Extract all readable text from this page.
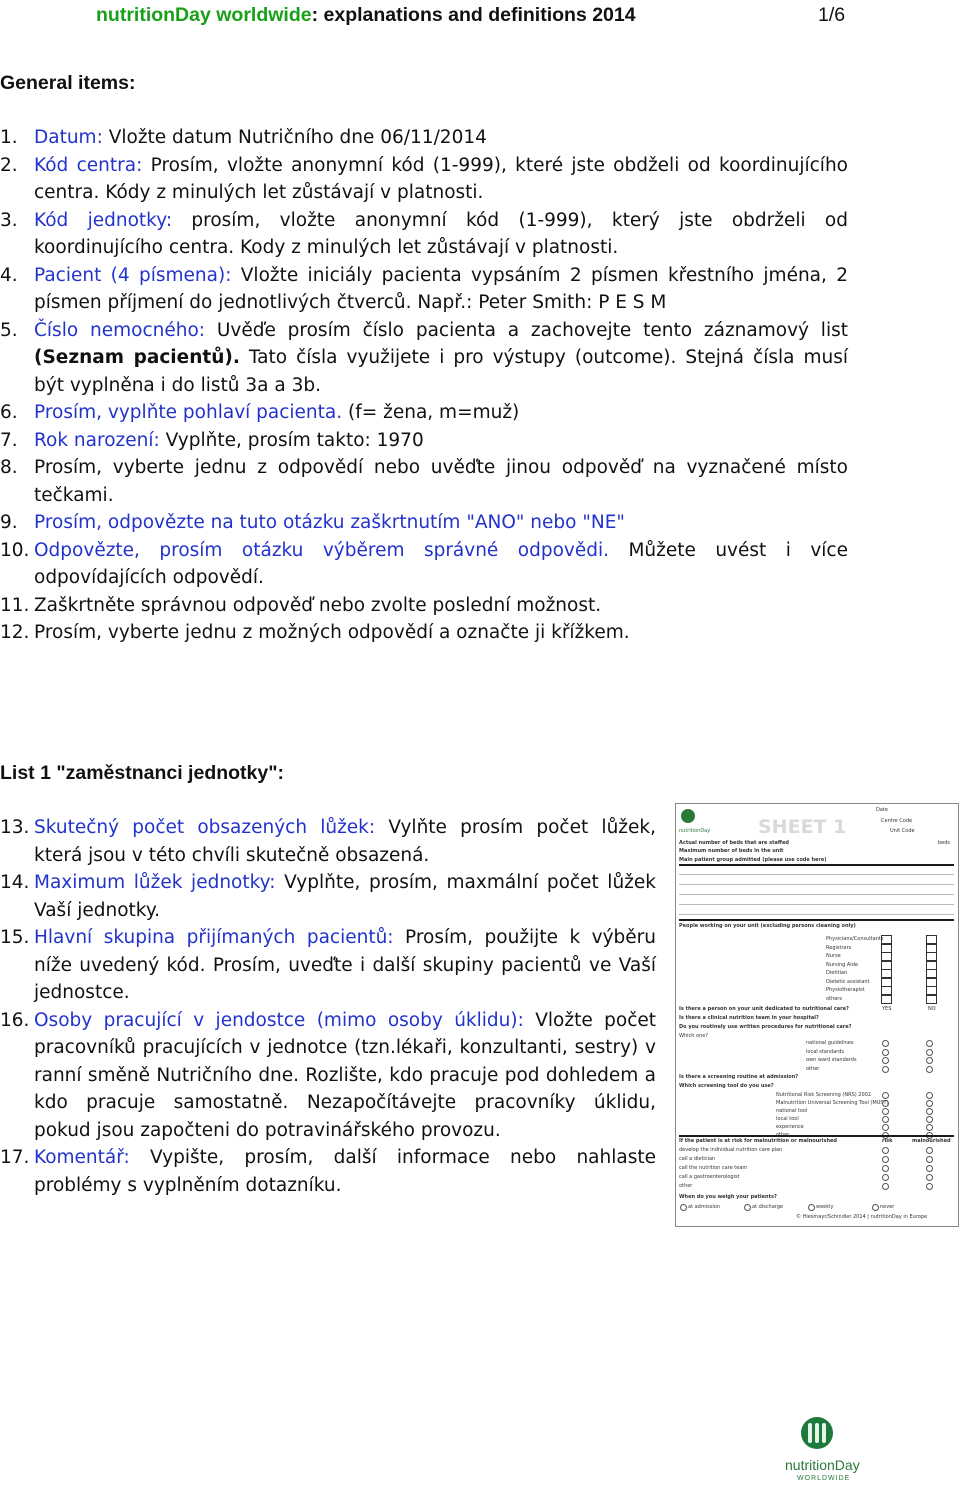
nutritionDay worldwide: explanations and definitions 2014	1/6
General items:
1. Datum: Vložte datum Nutričního dne 06/11/2014
2. Kód centra: Prosím, vložte anonymní kód (1-999), které jste obdželi od koordinujícího centra. Kódy z minulých let zůstávají v platnosti.
3. Kód jednotky: prosím, vložte anonymní kód (1-999), který jste obdrželi od koordinujícího centra. Kody z minulých let zůstávají v platnosti.
4. Pacient (4 písmena): Vložte iniciály pacienta vypsáním 2 písmen křestního jména, 2 písmen příjmení do jednotlivých čtverců. Např.: Peter Smith: P E S M
5. Číslo nemocného: Uvěďe prosím číslo pacienta a zachovejte tento záznamový list (Seznam pacientů). Tato čísla využijete i pro výstupy (outcome). Stejná čísla musí být vyplněna i do listů 3a a 3b.
6. Prosím, vyplňte pohlaví pacienta. (f= žena, m=muž)
7. Rok narození: Vyplňte, prosím takto: 1970
8. Prosím, vyberte jednu z odpovědí nebo uvěďte jinou odpověď na vyznačené místo tečkami.
9. Prosím, odpovězte na tuto otázku zaškrtnutím "ANO" nebo "NE"
10. Odpovězte, prosím otázku výběrem správné odpovědi. Můžete uvést i více odpovídajících odpovědí.
11. Zaškrtněte správnou odpověď nebo zvolte poslední možnost.
12. Prosím, vyberte jednu z možných odpovědí a označte ji křížkem.
List 1 "zaměstnanci jednotky":
13. Skutečný počet obsazených lůžek: Vylňte prosím počet lůžek, která jsou v této chvíli skutečně obsazená.
14. Maximum lůžek jednotky: Vyplňte, prosím, maxmální počet lůžek Vaší jednotky.
15. Hlavní skupina přijímaných pacientů: Prosím, použijte k výběru níže uvedený kód. Prosím, uveďte i další skupiny pacientů ve Vaší jednostce.
16. Osoby pracující v jendostce (mimo osoby úklidu): Vložte počet pracovníků pracujících v jednotce (tzn.lékaři, konzultanti, sestry) v ranní směně Nutričního dne. Rozlište, kdo pracuje pod dohledem a kdo pracuje samostatně. Nezapočítávejte pracovníky úklidu, pokud jsou započteni do potravinářského provozu.
17. Komentář: Vypište, prosím, další informace nebo nahlaste problémy s vyplněním dotazníku.
nutritionDay	SHEET 1
Date
Centre Code
Unit Code
Actual number of beds that are staffed
Maximum number of beds in the unit
beds
Main patient group admitted (please use code here)
People working on your unit (excluding persons cleaning only)
Physicians/Consultants
Registrars
Nurse
Nursing Aide
Dietitian
Dietetic assistant
Physiotherapist
others
Is there a person on your unit dedicated to nutritional care?
Is there a clinical nutrition team in your hospital?
Do you routinely use written procedures for nutritional care?
Which one?
YES	NO
national guidelines
local standards
own ward standards
other
Is there a screening routine at admission?
Which screening tool do you use?
Nutritional Risk Screening (NRS) 2002
Malnutrition Universal Screening Tool (MUST)
national tool
local tool
experience
If the patient is at risk for malnutrition or malnourished	risk	malnourished
develop the individual nutrition care plan
call a dietician
call the nutrition care team
call a gastroenterologist
other
When do you weigh your patients?
at admission	at discharge	weekly	never
© Hiesmayr/Schindler 2014 | nutritionDay in Europe
nutritionDay
WORLDWIDE
